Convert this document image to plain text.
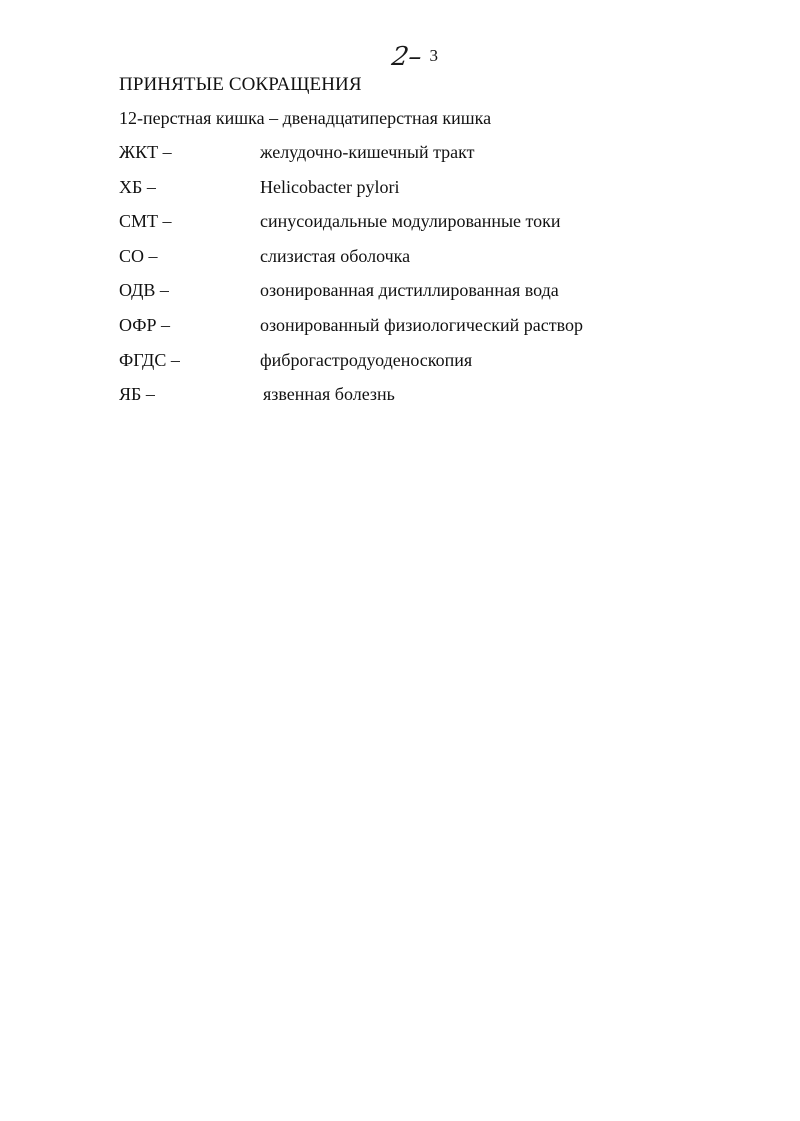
2– 3
ПРИНЯТЫЕ СОКРАЩЕНИЯ
12-перстная кишка – двенадцатиперстная кишка
ЖКТ –	желудочно-кишечный тракт
ХБ –	Helicobacter pylori
СМТ –	синусоидальные модулированные токи
СО –	слизистая оболочка
ОДВ –	озонированная дистиллированная вода
ОФР –	озонированный физиологический раствор
ФГДС –	фиброгастродуоденоскопия
ЯБ –	язвенная болезнь
